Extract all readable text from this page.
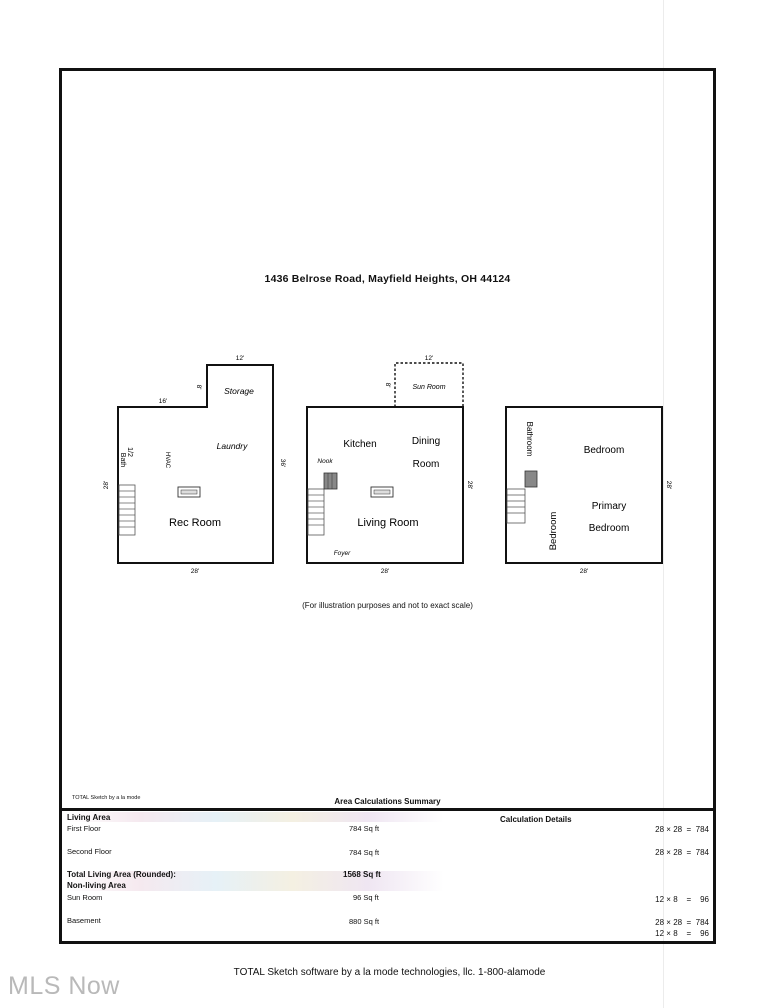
1436 Belrose Road, Mayfield Heights, OH 44124
Storage
Laundry
Rec Room
1/2
Bath	HVAC
12'
8'
16'
36'
28'
28'
Sun Room
Kitchen	Dining
Room
Nook
Living Room
Foyer
12'
8'
28'
28'
Bathroom	Bedroom
Primary
Bedroom
Bedroom
28'
28'
(For illustration purposes and not to exact scale)
TOTAL Sketch by a la mode	Area Calculations Summary
Living Area	Calculation Details
First Floor	784 Sq ft	28 × 28  =  784
Second Floor	784 Sq ft	28 × 28  =  784
Total Living Area (Rounded):	1568 Sq ft
Non-living Area
Sun Room	96 Sq ft	12 × 8    =    96
Basement	880 Sq ft	28 × 28  =  784
12 × 8    =    96
TOTAL Sketch software by a la mode technologies, llc. 1-800-alamode
MLS Now
